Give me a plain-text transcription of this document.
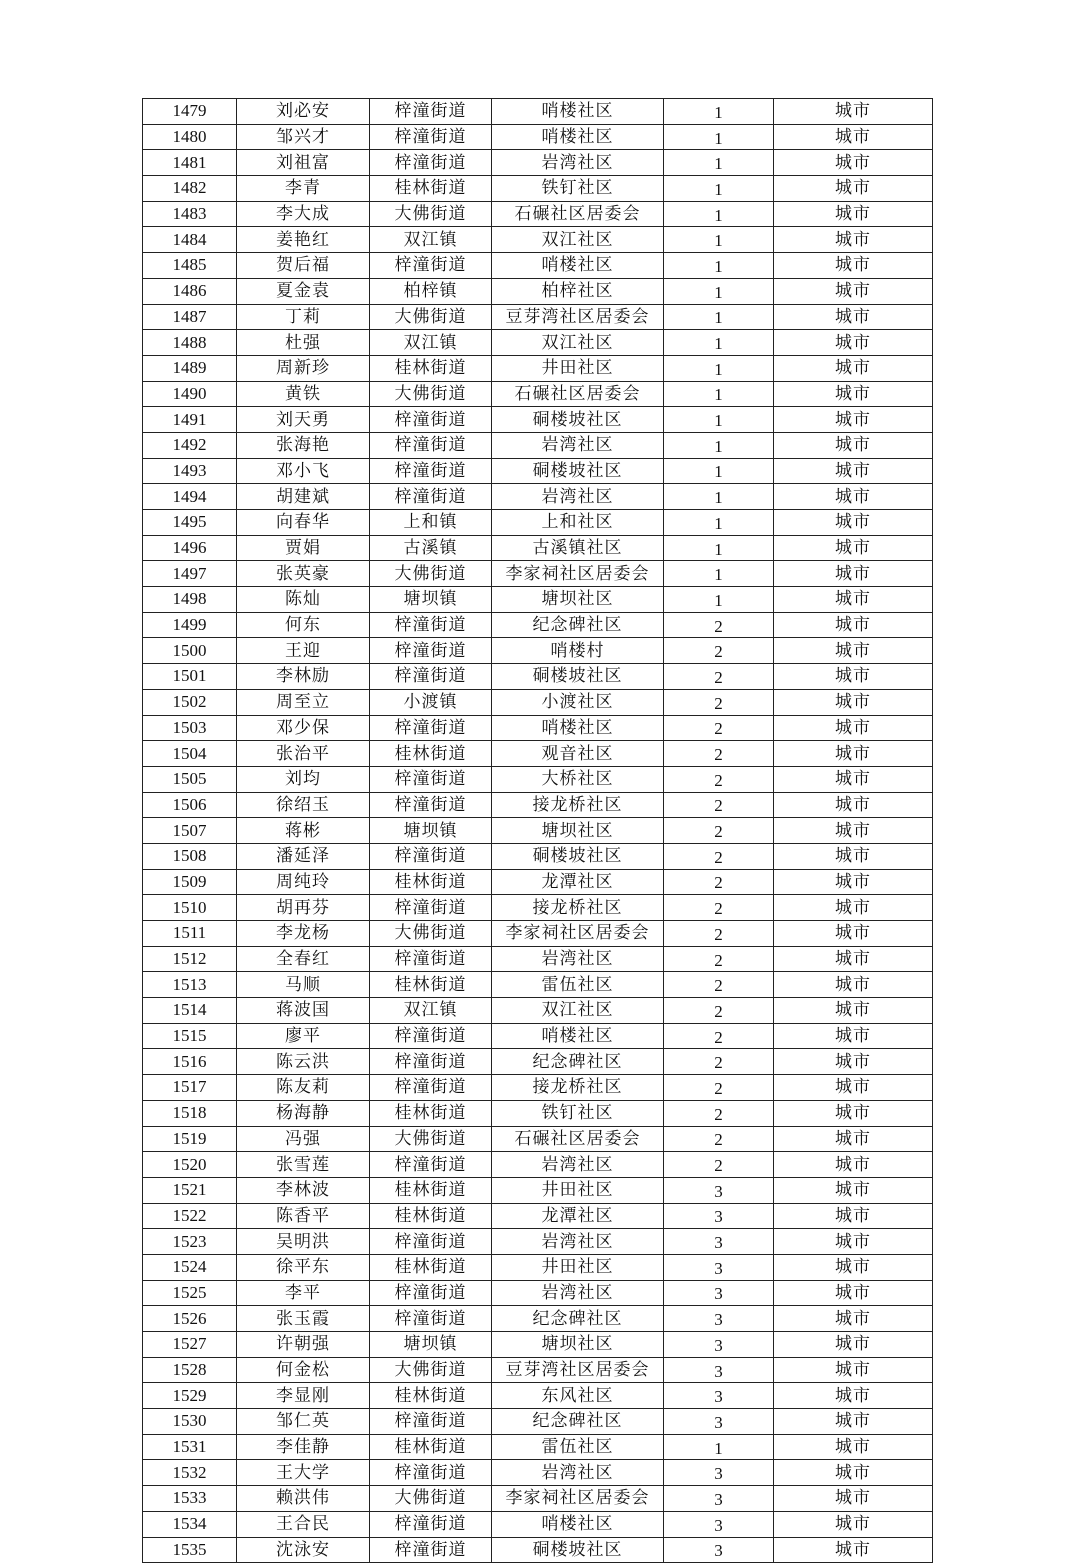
1479	刘必安	梓潼街道	哨楼社区	1	城市
1480	邹兴才	梓潼街道	哨楼社区	1	城市
1481	刘祖富	梓潼街道	岩湾社区	1	城市
1482	李青	桂林街道	铁钉社区	1	城市
1483	李大成	大佛街道	石碾社区居委会	1	城市
1484	姜艳红	双江镇	双江社区	1	城市
1485	贺后福	梓潼街道	哨楼社区	1	城市
1486	夏金袁	柏梓镇	柏梓社区	1	城市
1487	丁莉	大佛街道	豆芽湾社区居委会	1	城市
1488	杜强	双江镇	双江社区	1	城市
1489	周新珍	桂林街道	井田社区	1	城市
1490	黄铁	大佛街道	石碾社区居委会	1	城市
1491	刘天勇	梓潼街道	硐楼坡社区	1	城市
1492	张海艳	梓潼街道	岩湾社区	1	城市
1493	邓小飞	梓潼街道	硐楼坡社区	1	城市
1494	胡建斌	梓潼街道	岩湾社区	1	城市
1495	向春华	上和镇	上和社区	1	城市
1496	贾娟	古溪镇	古溪镇社区	1	城市
1497	张英豪	大佛街道	李家祠社区居委会	1	城市
1498	陈灿	塘坝镇	塘坝社区	1	城市
1499	何东	梓潼街道	纪念碑社区	2	城市
1500	王迎	梓潼街道	哨楼村	2	城市
1501	李林励	梓潼街道	硐楼坡社区	2	城市
1502	周至立	小渡镇	小渡社区	2	城市
1503	邓少保	梓潼街道	哨楼社区	2	城市
1504	张治平	桂林街道	观音社区	2	城市
1505	刘均	梓潼街道	大桥社区	2	城市
1506	徐绍玉	梓潼街道	接龙桥社区	2	城市
1507	蒋彬	塘坝镇	塘坝社区	2	城市
1508	潘延泽	梓潼街道	硐楼坡社区	2	城市
1509	周纯玲	桂林街道	龙潭社区	2	城市
1510	胡再芬	梓潼街道	接龙桥社区	2	城市
1511	李龙杨	大佛街道	李家祠社区居委会	2	城市
1512	全春红	梓潼街道	岩湾社区	2	城市
1513	马顺	桂林街道	雷伍社区	2	城市
1514	蒋波国	双江镇	双江社区	2	城市
1515	廖平	梓潼街道	哨楼社区	2	城市
1516	陈云洪	梓潼街道	纪念碑社区	2	城市
1517	陈友莉	梓潼街道	接龙桥社区	2	城市
1518	杨海静	桂林街道	铁钉社区	2	城市
1519	冯强	大佛街道	石碾社区居委会	2	城市
1520	张雪莲	梓潼街道	岩湾社区	2	城市
1521	李林波	桂林街道	井田社区	3	城市
1522	陈香平	桂林街道	龙潭社区	3	城市
1523	吴明洪	梓潼街道	岩湾社区	3	城市
1524	徐平东	桂林街道	井田社区	3	城市
1525	李平	梓潼街道	岩湾社区	3	城市
1526	张玉霞	梓潼街道	纪念碑社区	3	城市
1527	许朝强	塘坝镇	塘坝社区	3	城市
1528	何金松	大佛街道	豆芽湾社区居委会	3	城市
1529	李显刚	桂林街道	东风社区	3	城市
1530	邹仁英	梓潼街道	纪念碑社区	3	城市
1531	李佳静	桂林街道	雷伍社区	1	城市
1532	王大学	梓潼街道	岩湾社区	3	城市
1533	赖洪伟	大佛街道	李家祠社区居委会	3	城市
1534	王合民	梓潼街道	哨楼社区	3	城市
1535	沈泳安	梓潼街道	硐楼坡社区	3	城市
